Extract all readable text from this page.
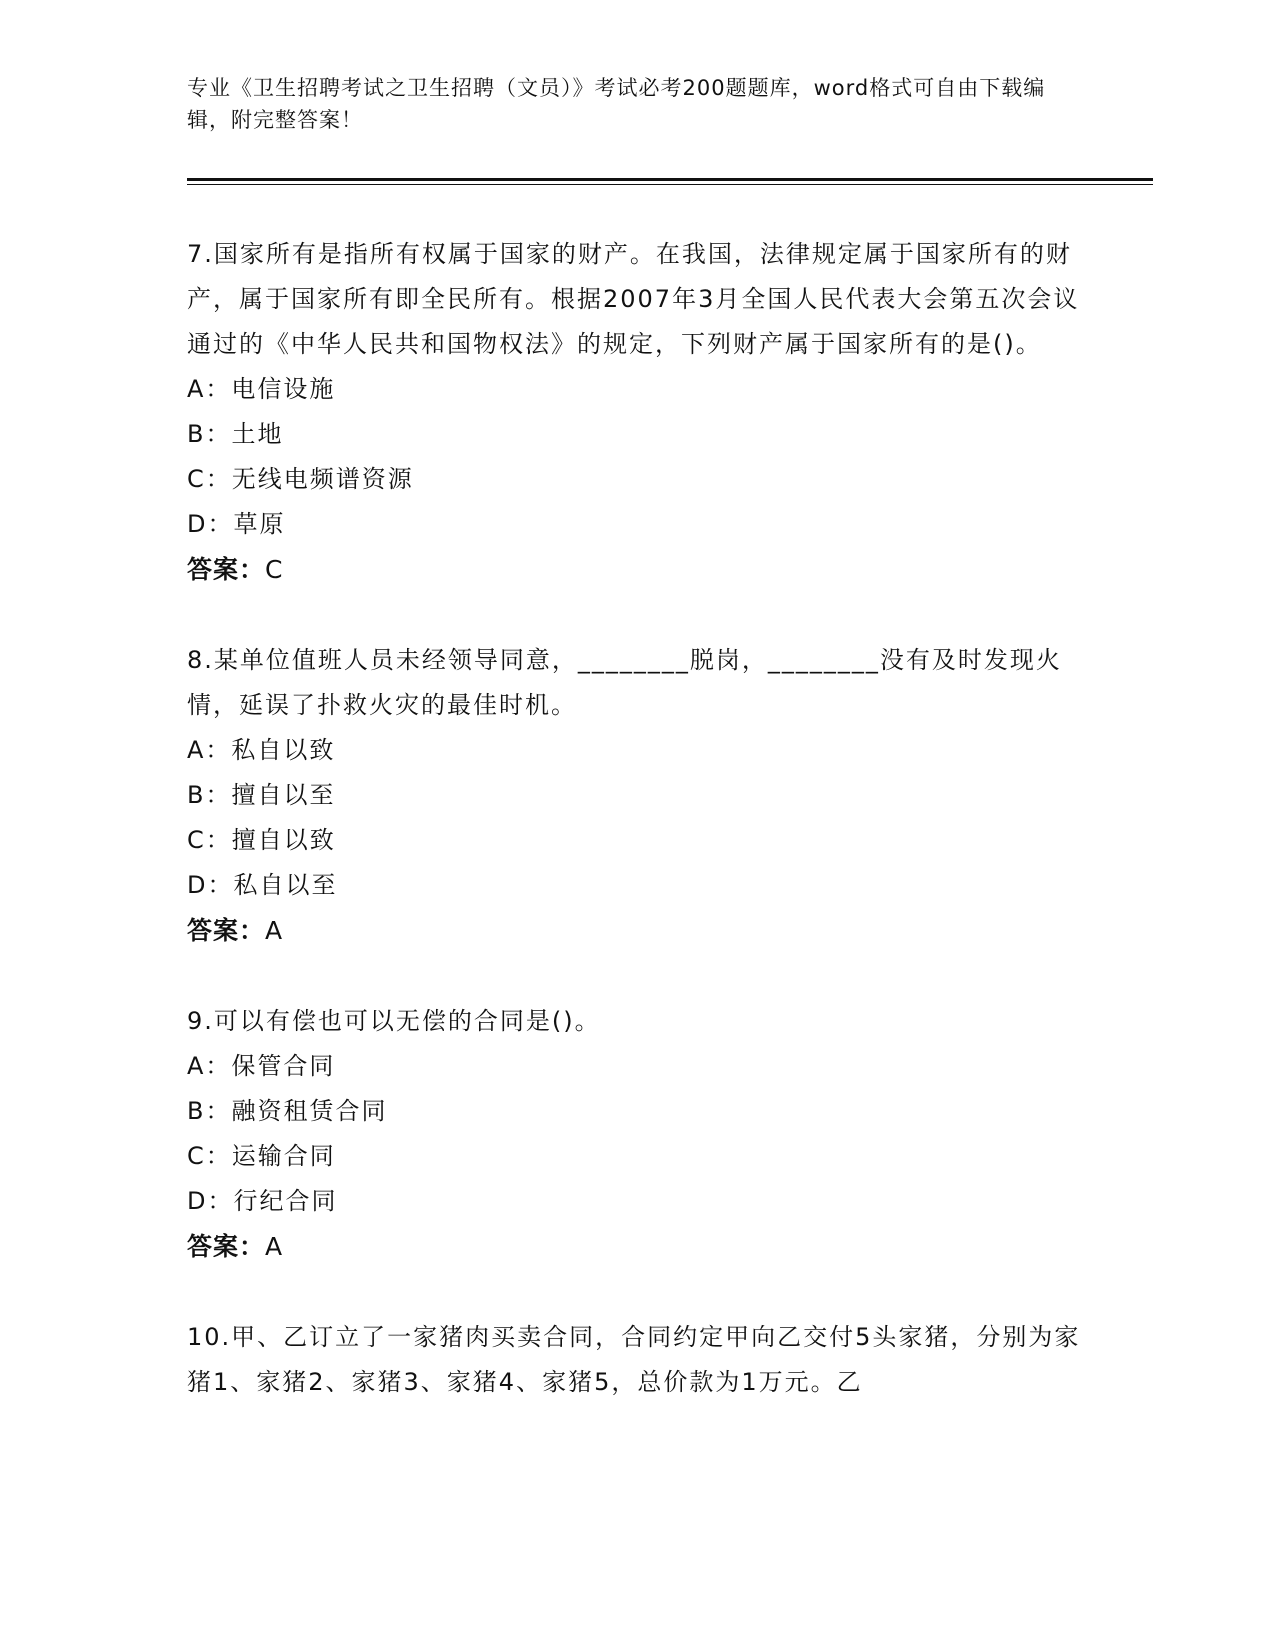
专业《卫生招聘考试之卫生招聘（文员）》考试必考200题题库，word格式可自由下载编辑，附完整答案！
7.国家所有是指所有权属于国家的财产。在我国，法律规定属于国家所有的财产，属于国家所有即全民所有。根据2007年3月全国人民代表大会第五次会议通过的《中华人民共和国物权法》的规定，下列财产属于国家所有的是()。
A：电信设施
B：土地
C：无线电频谱资源
D：草原
答案：C
8.某单位值班人员未经领导同意，________脱岗，________没有及时发现火情，延误了扑救火灾的最佳时机。
A：私自以致
B：擅自以至
C：擅自以致
D：私自以至
答案：A
9.可以有偿也可以无偿的合同是()。
A：保管合同
B：融资租赁合同
C：运输合同
D：行纪合同
答案：A
10.甲、乙订立了一家猪肉买卖合同，合同约定甲向乙交付5头家猪，分别为家猪1、家猪2、家猪3、家猪4、家猪5，总价款为1万元。乙
